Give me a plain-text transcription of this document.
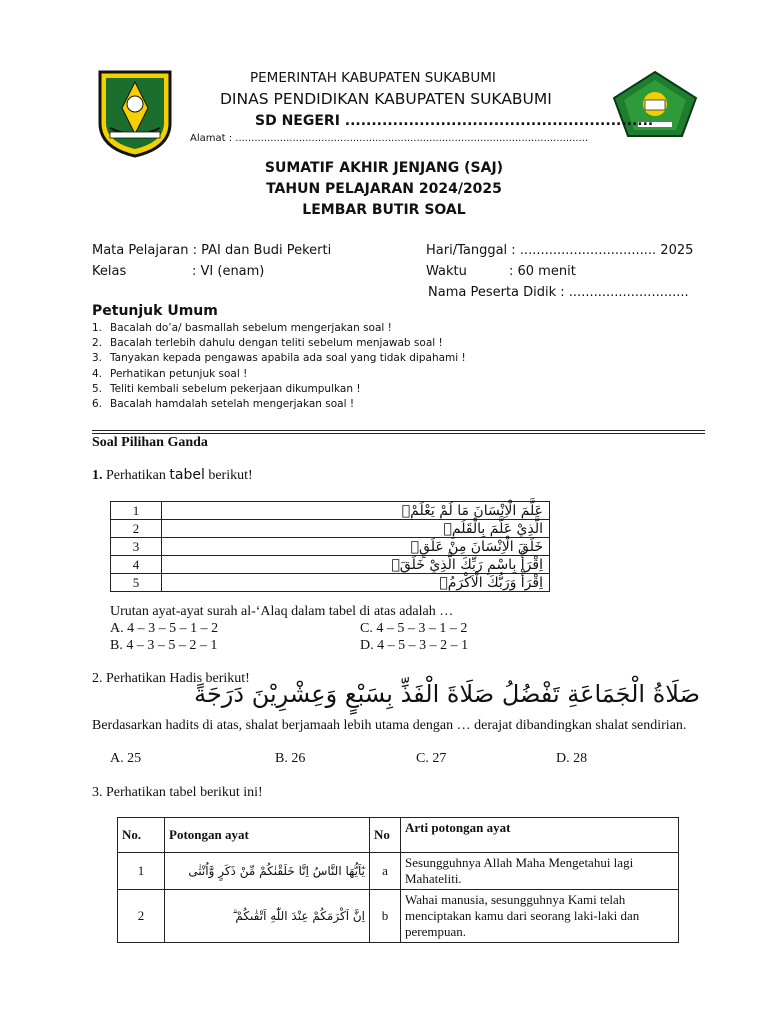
PEMERINTAH KABUPATEN SUKABUMI
DINAS PENDIDIKAN KABUPATEN SUKABUMI
SD NEGERI ..........................................................
Alamat : ...............................................................................................................
SUMATIF AKHIR JENJANG (SAJ)
TAHUN PELAJARAN 2024/2025
LEMBAR BUTIR SOAL
Mata Pelajaran : PAI dan Budi Pekerti
Kelas	: VI (enam)
Hari/Tanggal : ................................. 2025
Waktu	: 60 menit
Nama Peserta Didik : .............................
Petunjuk Umum
1. Bacalah do’a/ basmallah sebelum mengerjakan soal !
2. Bacalah terlebih dahulu dengan teliti sebelum menjawab soal !
3. Tanyakan kepada pengawas apabila ada soal yang tidak dipahami !
4. Perhatikan petunjuk soal !
5. Teliti kembali sebelum pekerjaan dikumpulkan !
6. Bacalah hamdalah setelah mengerjakan soal !
Soal Pilihan Ganda
1. Perhatikan tabel berikut!
1	عَلَّمَ الْاِنْسَانَ مَا لَمْ يَعْلَمْۗ
2	الَّذِيْ عَلَّمَ بِالْقَلَمِۙ
3	خَلَقَ الْاِنْسَانَ مِنْ عَلَقٍۚ
4	اِقْرَأْ بِاسْمِ رَبِّكَ الَّذِيْ خَلَقَۚ
5	اِقْرَأْ وَرَبُّكَ الْاَكْرَمُۙ
Urutan ayat-ayat surah al-‘Alaq dalam tabel di atas adalah …
A. 4 – 3 – 5 – 1 – 2
B. 4 – 3 – 5 – 2 – 1
C. 4 – 5 – 3 – 1 – 2
D. 4 – 5 – 3 – 2 – 1
2. Perhatikan Hadis berikut!
صَلَاةُ الْجَمَاعَةِ تَفْضُلُ صَلَاةَ الْفَذِّ بِسَبْعٍ وَعِشْرِيْنَ دَرَجَةً
Berdasarkan hadits di atas, shalat berjamaah lebih utama dengan … derajat dibandingkan shalat sendirian.
A. 25	B. 26	C. 27	D. 28
3. Perhatikan tabel berikut ini!
No.	Potongan ayat	No	Arti potongan ayat
1	يٰٓاَيُّهَا النَّاسُ اِنَّا خَلَقْنٰكُمْ مِّنْ ذَكَرٍ وَّاُنْثٰى	a	Sesungguhnya Allah Maha Mengetahui lagi Mahateliti.
2	اِنَّ اَكْرَمَكُمْ عِنْدَ اللّٰهِ اَتْقٰىكُمْ ۗ	b	Wahai manusia, sesungguhnya Kami telah menciptakan kamu dari seorang laki-laki dan perempuan.
